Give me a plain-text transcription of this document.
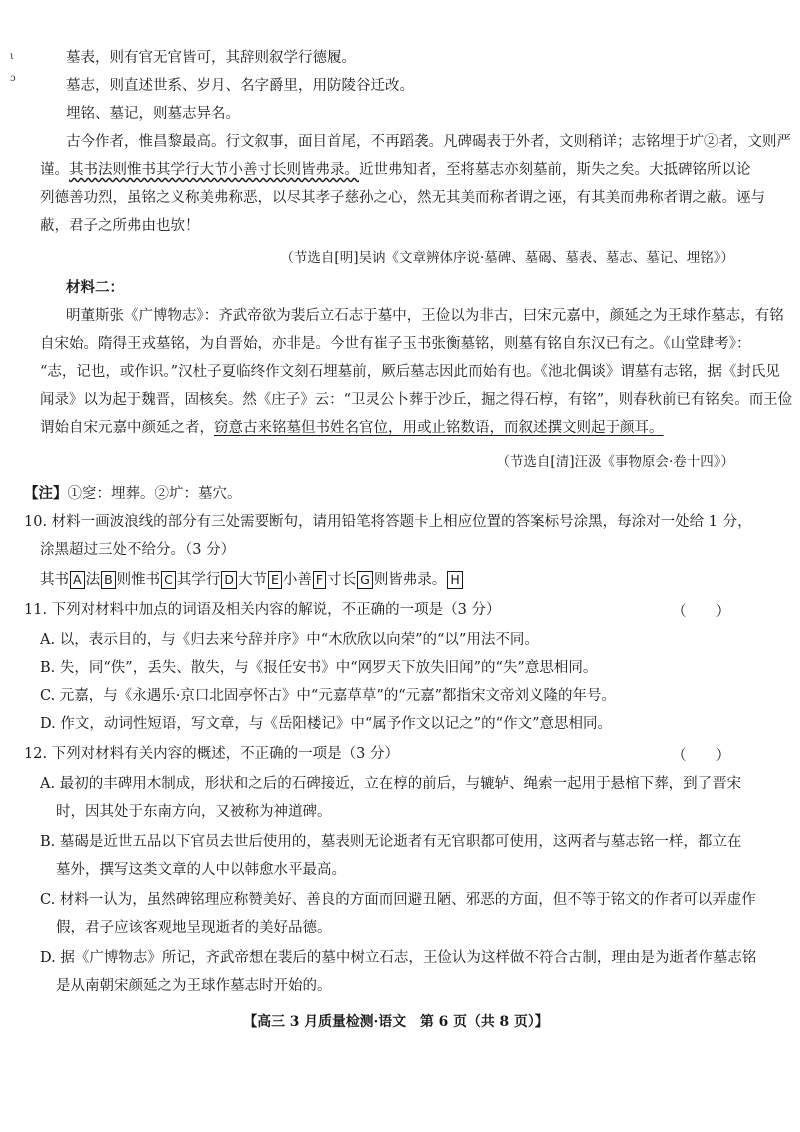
ι
ɔ
墓表，则有官无官皆可，其辞则叙学行德履。
墓志，则直述世系、岁月、名字爵里，用防陵谷迁改。
埋铭、墓记，则墓志异名。
古今作者，惟昌黎最高。行文叙事，面目首尾，不再蹈袭。凡碑碣表于外者，文则稍详；志铭埋于圹②者，文则严
谨。其书法则惟书其学行大节小善寸长则皆弗录。近世弗知者，至将墓志亦刻墓前，斯失之矣。大抵碑铭所以论
列德善功烈，虽铭之义称美弗称恶，以尽其孝子慈孙之心，然无其美而称者谓之诬，有其美而弗称者谓之蔽。诬与
蔽，君子之所弗由也欤！
（节选自[明]吴讷《文章辨体序说·墓碑、墓碣、墓表、墓志、墓记、埋铭》）
材料二：
明董斯张《广博物志》：齐武帝欲为裴后立石志于墓中，王俭以为非古，曰宋元嘉中，颜延之为王球作墓志，有铭
自宋始。隋得王戎墓铭，为自晋始，亦非是。今世有崔子玉书张衡墓铭，则墓有铭自东汉已有之。《山堂肆考》：
“志，记也，或作识。”汉杜子夏临终作文刻石埋墓前，厥后墓志因此而始有也。《池北偶谈》谓墓有志铭，据《封氏见
闻录》以为起于魏晋，固核矣。然《庄子》云：“卫灵公卜葬于沙丘，掘之得石椁，有铭”，则春秋前已有铭矣。而王俭
谓始自宋元嘉中颜延之者，窃意古来铭墓但书姓名官位，用或止铭数语，而叙述撰文则起于颜耳。
（节选自[清]汪汲《事物原会·卷十四》）
【注】①窆：埋葬。②圹：墓穴。
10. 材料一画波浪线的部分有三处需要断句，请用铅笔将答题卡上相应位置的答案标号涂黑，每涂对一处给 1 分，
涂黑超过三处不给分。（3 分）
其书 A 法 B 则惟书 C 其学行 D 大节 E 小善 F 寸长 G 则皆弗录。 H
11. 下列对材料中加点的词语及相关内容的解说，不正确的一项是（3 分）	（　　）
A. 以，表示目的，与《归去来兮辞并序》中“木欣欣以向荣”的“以”用法不同。
B. 失，同“佚”，丢失、散失，与《报任安书》中“网罗天下放失旧闻”的“失”意思相同。
C. 元嘉，与《永遇乐·京口北固亭怀古》中“元嘉草草”的“元嘉”都指宋文帝刘义隆的年号。
D. 作文，动词性短语，写文章，与《岳阳楼记》中“属予作文以记之”的“作文”意思相同。
12. 下列对材料有关内容的概述，不正确的一项是（3 分）	（　　）
A. 最初的丰碑用木制成，形状和之后的石碑接近，立在椁的前后，与辘轳、绳索一起用于悬棺下葬，到了晋宋
时，因其处于东南方向，又被称为神道碑。
B. 墓碣是近世五品以下官员去世后使用的，墓表则无论逝者有无官职都可使用，这两者与墓志铭一样，都立在
墓外，撰写这类文章的人中以韩愈水平最高。
C. 材料一认为，虽然碑铭理应称赞美好、善良的方面而回避丑陋、邪恶的方面，但不等于铭文的作者可以弄虚作
假，君子应该客观地呈现逝者的美好品德。
D. 据《广博物志》所记，齐武帝想在裴后的墓中树立石志，王俭认为这样做不符合古制，理由是为逝者作墓志铭
是从南朝宋颜延之为王球作墓志时开始的。
【高三 3 月质量检测·语文　第 6 页（共 8 页）】
